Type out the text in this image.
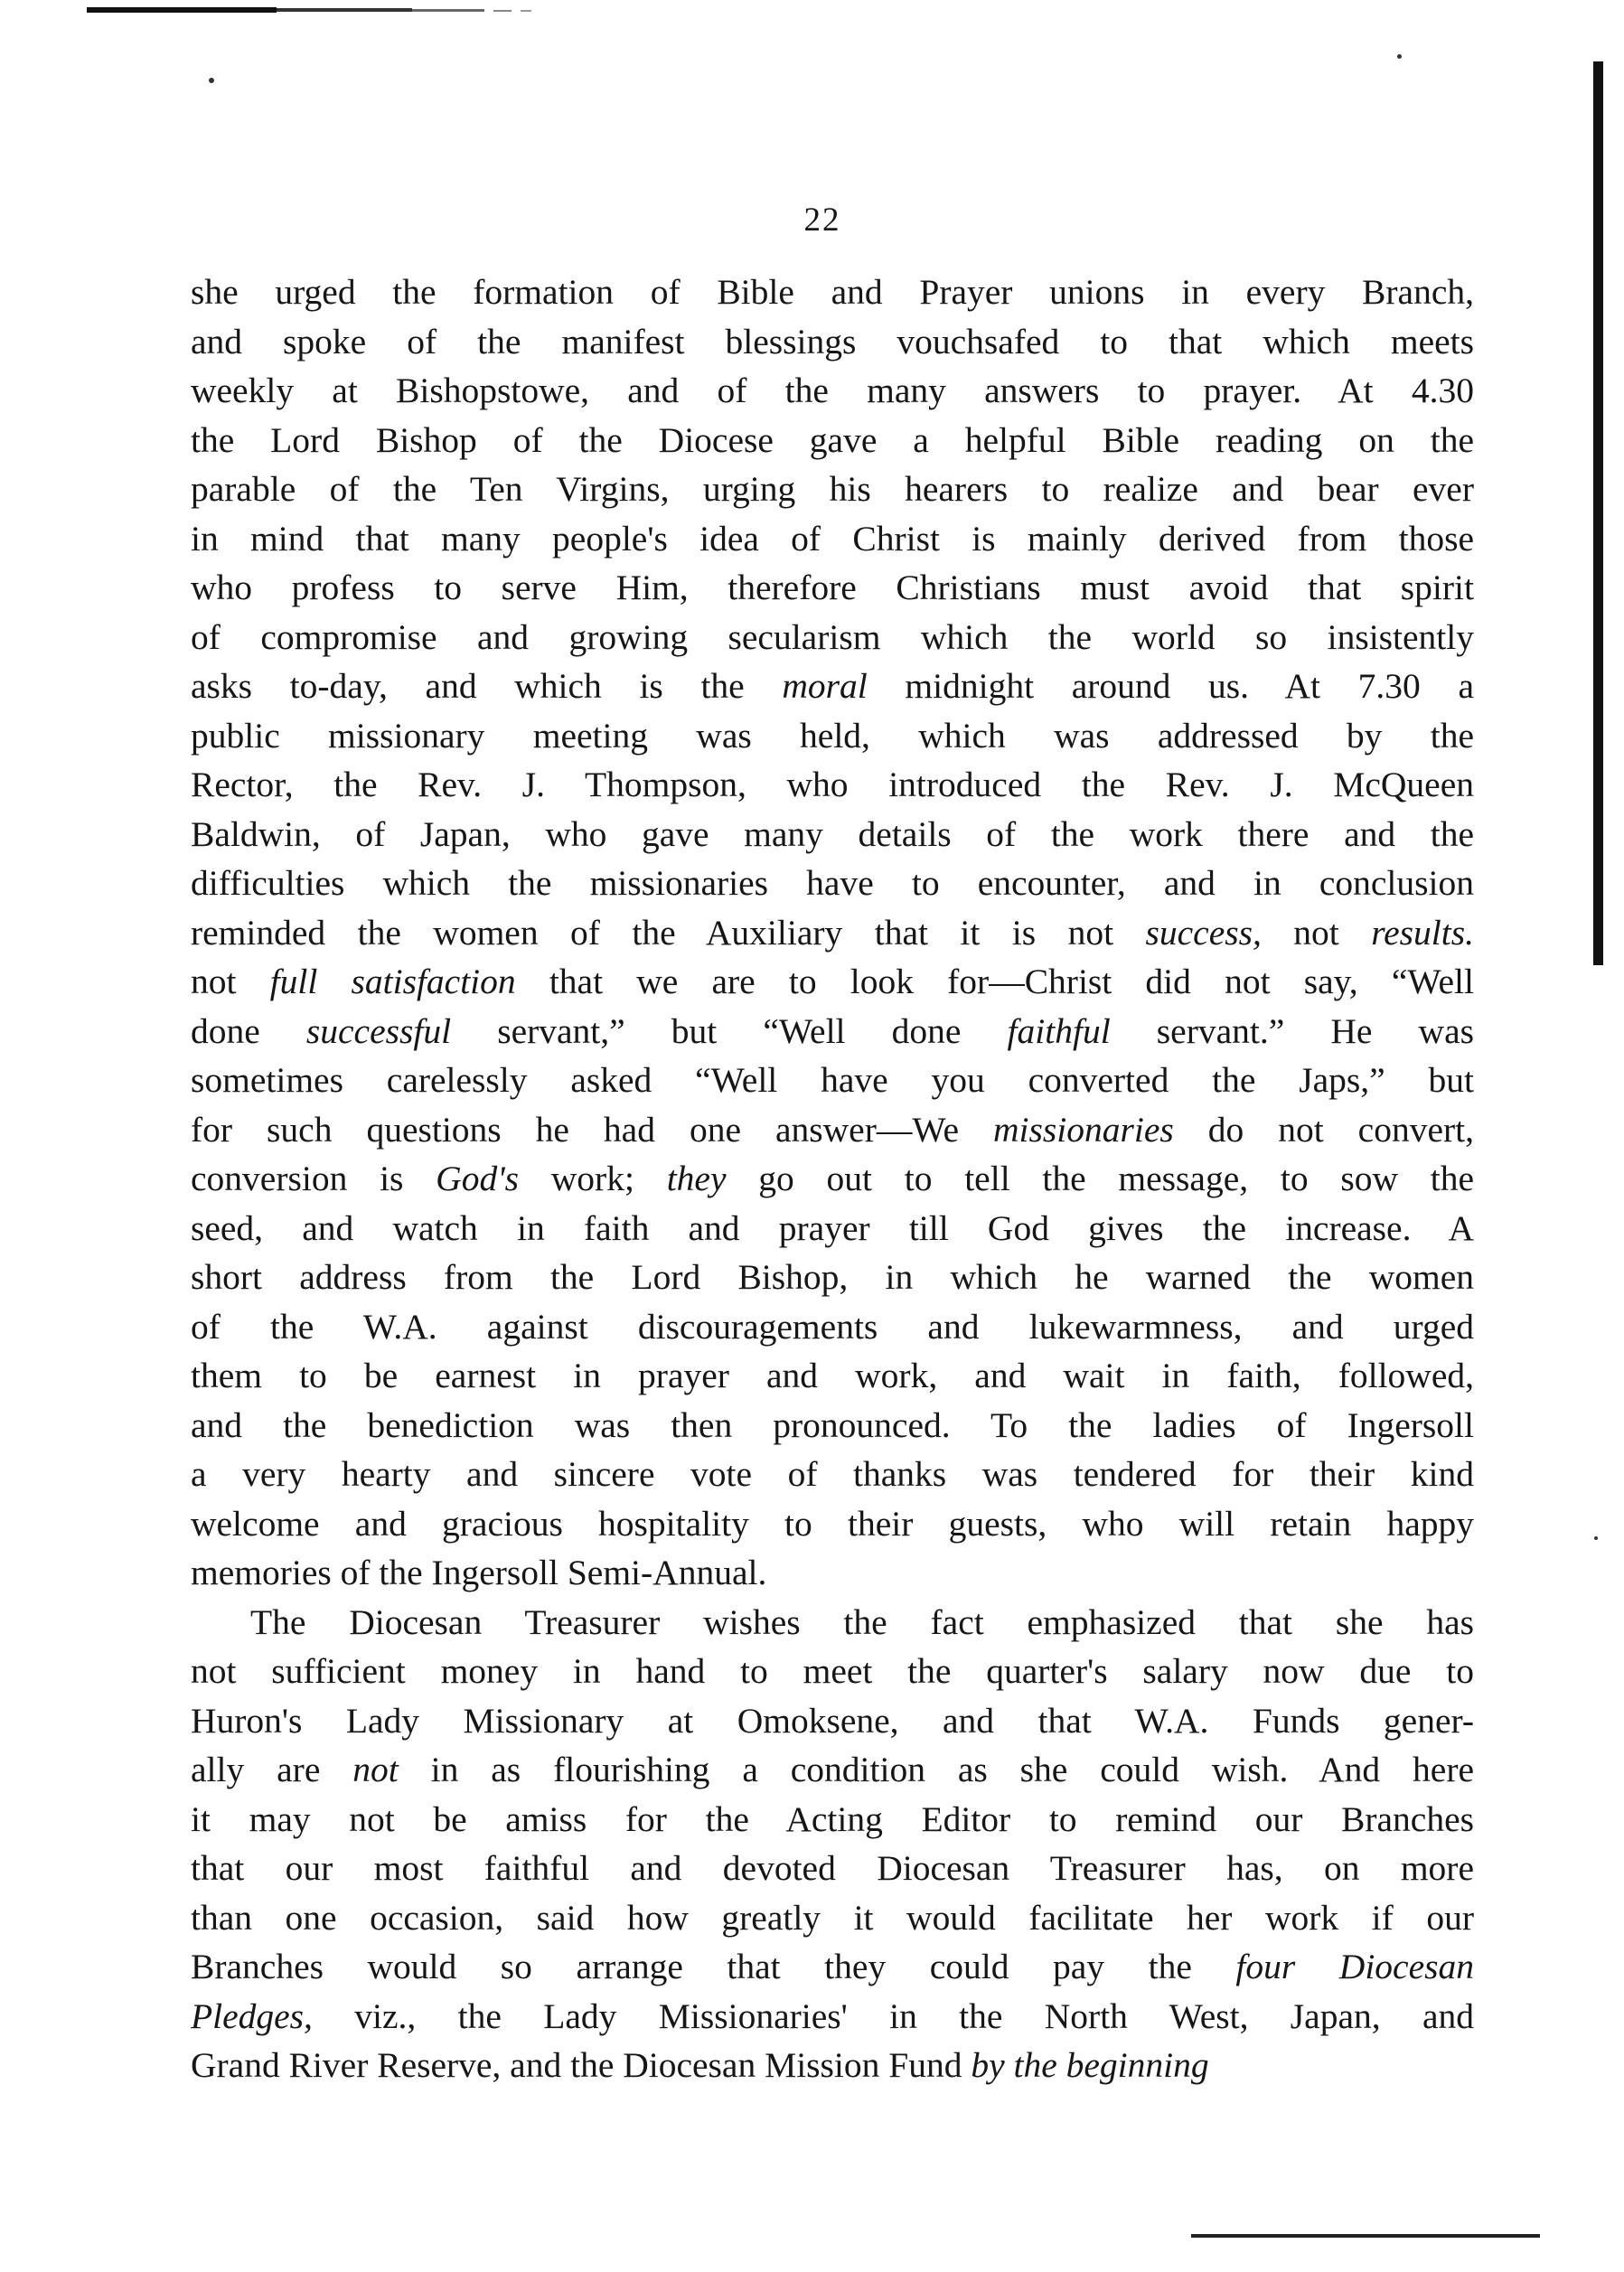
22
she urged the formation of Bible and Prayer unions in every Branch,
and spoke of the manifest blessings vouchsafed to that which meets
weekly at Bishopstowe, and of the many answers to prayer. At 4.30
the Lord Bishop of the Diocese gave a helpful Bible reading on the
parable of the Ten Virgins, urging his hearers to realize and bear ever
in mind that many people's idea of Christ is mainly derived from those
who profess to serve Him, therefore Christians must avoid that spirit
of compromise and growing secularism which the world so insistently
asks to-day, and which is the moral midnight around us. At 7.30 a
public missionary meeting was held, which was addressed by the
Rector, the Rev. J. Thompson, who introduced the Rev. J. McQueen
Baldwin, of Japan, who gave many details of the work there and the
difficulties which the missionaries have to encounter, and in conclusion
reminded the women of the Auxiliary that it is not success, not results.
not full satisfaction that we are to look for—Christ did not say, “Well
done successful servant,” but “Well done faithful servant.” He was
sometimes carelessly asked “Well have you converted the Japs,” but
for such questions he had one answer—We missionaries do not convert,
conversion is God's work; they go out to tell the message, to sow the
seed, and watch in faith and prayer till God gives the increase. A
short address from the Lord Bishop, in which he warned the women
of the W.A. against discouragements and lukewarmness, and urged
them to be earnest in prayer and work, and wait in faith, followed,
and the benediction was then pronounced. To the ladies of Ingersoll
a very hearty and sincere vote of thanks was tendered for their kind
welcome and gracious hospitality to their guests, who will retain happy
memories of the Ingersoll Semi-Annual.
The Diocesan Treasurer wishes the fact emphasized that she has
not sufficient money in hand to meet the quarter's salary now due to
Huron's Lady Missionary at Omoksene, and that W.A. Funds gener-
ally are not in as flourishing a condition as she could wish. And here
it may not be amiss for the Acting Editor to remind our Branches
that our most faithful and devoted Diocesan Treasurer has, on more
than one occasion, said how greatly it would facilitate her work if our
Branches would so arrange that they could pay the four Diocesan
Pledges, viz., the Lady Missionaries' in the North West, Japan, and
Grand River Reserve, and the Diocesan Mission Fund by the beginning
